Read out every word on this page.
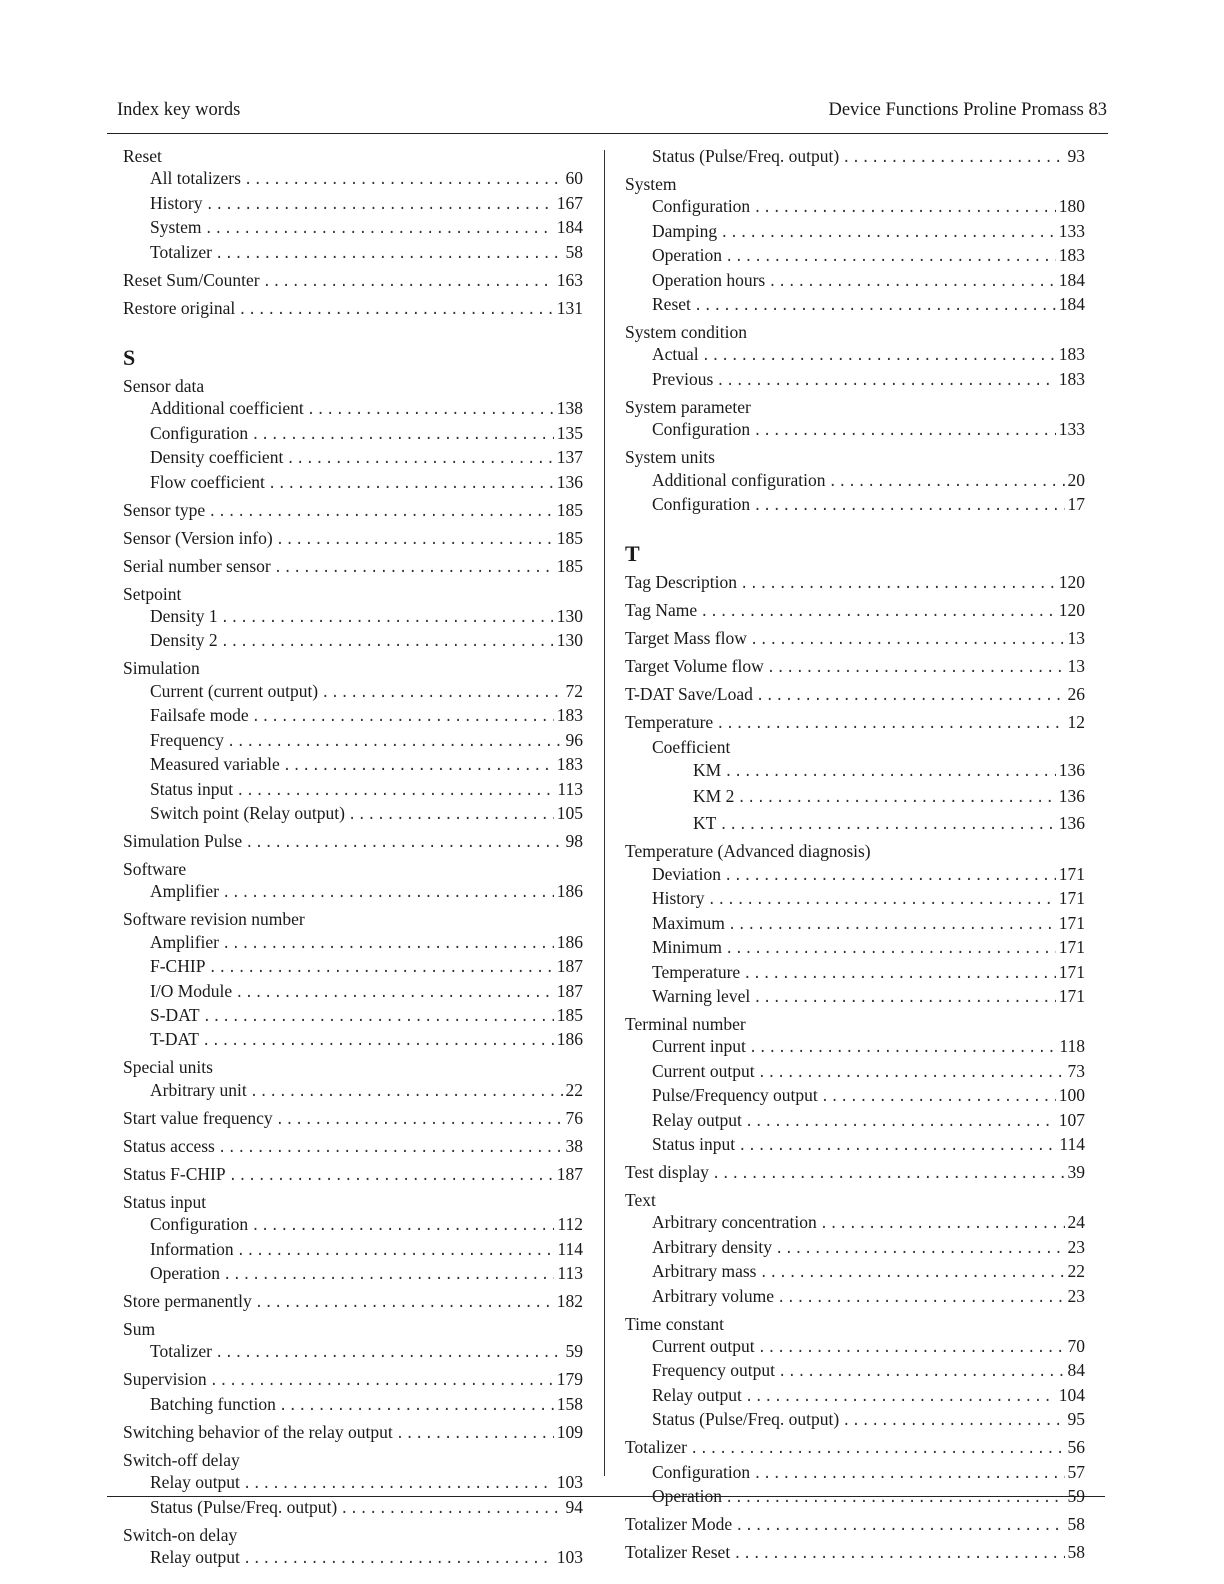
Index key words	Device Functions Proline Promass 83
Reset
All totalizers .....	60
History .....	167
System .....	184
Totalizer .....	58
Reset Sum/Counter .....	163
Restore original .....	131
S
Sensor data
Additional coefficient .....	138
Configuration .....	135
Density coefficient .....	137
Flow coefficient .....	136
Sensor type .....	185
Sensor (Version info) .....	185
Serial number sensor .....	185
Setpoint
Density 1 .....	130
Density 2 .....	130
Simulation
Current (current output) .....	72
Failsafe mode .....	183
Frequency .....	96
Measured variable .....	183
Status input .....	113
Switch point (Relay output) .....	105
Simulation Pulse .....	98
Software
Amplifier .....	186
Software revision number
Amplifier .....	186
F-CHIP .....	187
I/O Module .....	187
S-DAT .....	185
T-DAT .....	186
Special units
Arbitrary unit .....	22
Start value frequency .....	76
Status access .....	38
Status F-CHIP .....	187
Status input
Configuration .....	112
Information .....	114
Operation .....	113
Store permanently .....	182
Sum
Totalizer .....	59
Supervision .....	179
Batching function .....	158
Switching behavior of the relay output .....	109
Switch-off delay
Relay output .....	103
Status (Pulse/Freq. output) .....	94
Switch-on delay
Relay output .....	103
Status (Pulse/Freq. output) .....	93
System
Configuration .....	180
Damping .....	133
Operation .....	183
Operation hours .....	184
Reset .....	184
System condition
Actual .....	183
Previous .....	183
System parameter
Configuration .....	133
System units
Additional configuration .....	20
Configuration .....	17
T
Tag Description .....	120
Tag Name .....	120
Target Mass flow .....	13
Target Volume flow .....	13
T-DAT Save/Load .....	26
Temperature .....	12
Coefficient
KM .....	136
KM 2 .....	136
KT .....	136
Temperature (Advanced diagnosis)
Deviation .....	171
History .....	171
Maximum .....	171
Minimum .....	171
Temperature .....	171
Warning level .....	171
Terminal number
Current input .....	118
Current output .....	73
Pulse/Frequency output .....	100
Relay output .....	107
Status input .....	114
Test display .....	39
Text
Arbitrary concentration .....	24
Arbitrary density .....	23
Arbitrary mass .....	22
Arbitrary volume .....	23
Time constant
Current output .....	70
Frequency output .....	84
Relay output .....	104
Status (Pulse/Freq. output) .....	95
Totalizer .....	56
Configuration .....	57
Operation .....	59
Totalizer Mode .....	58
Totalizer Reset .....	58
